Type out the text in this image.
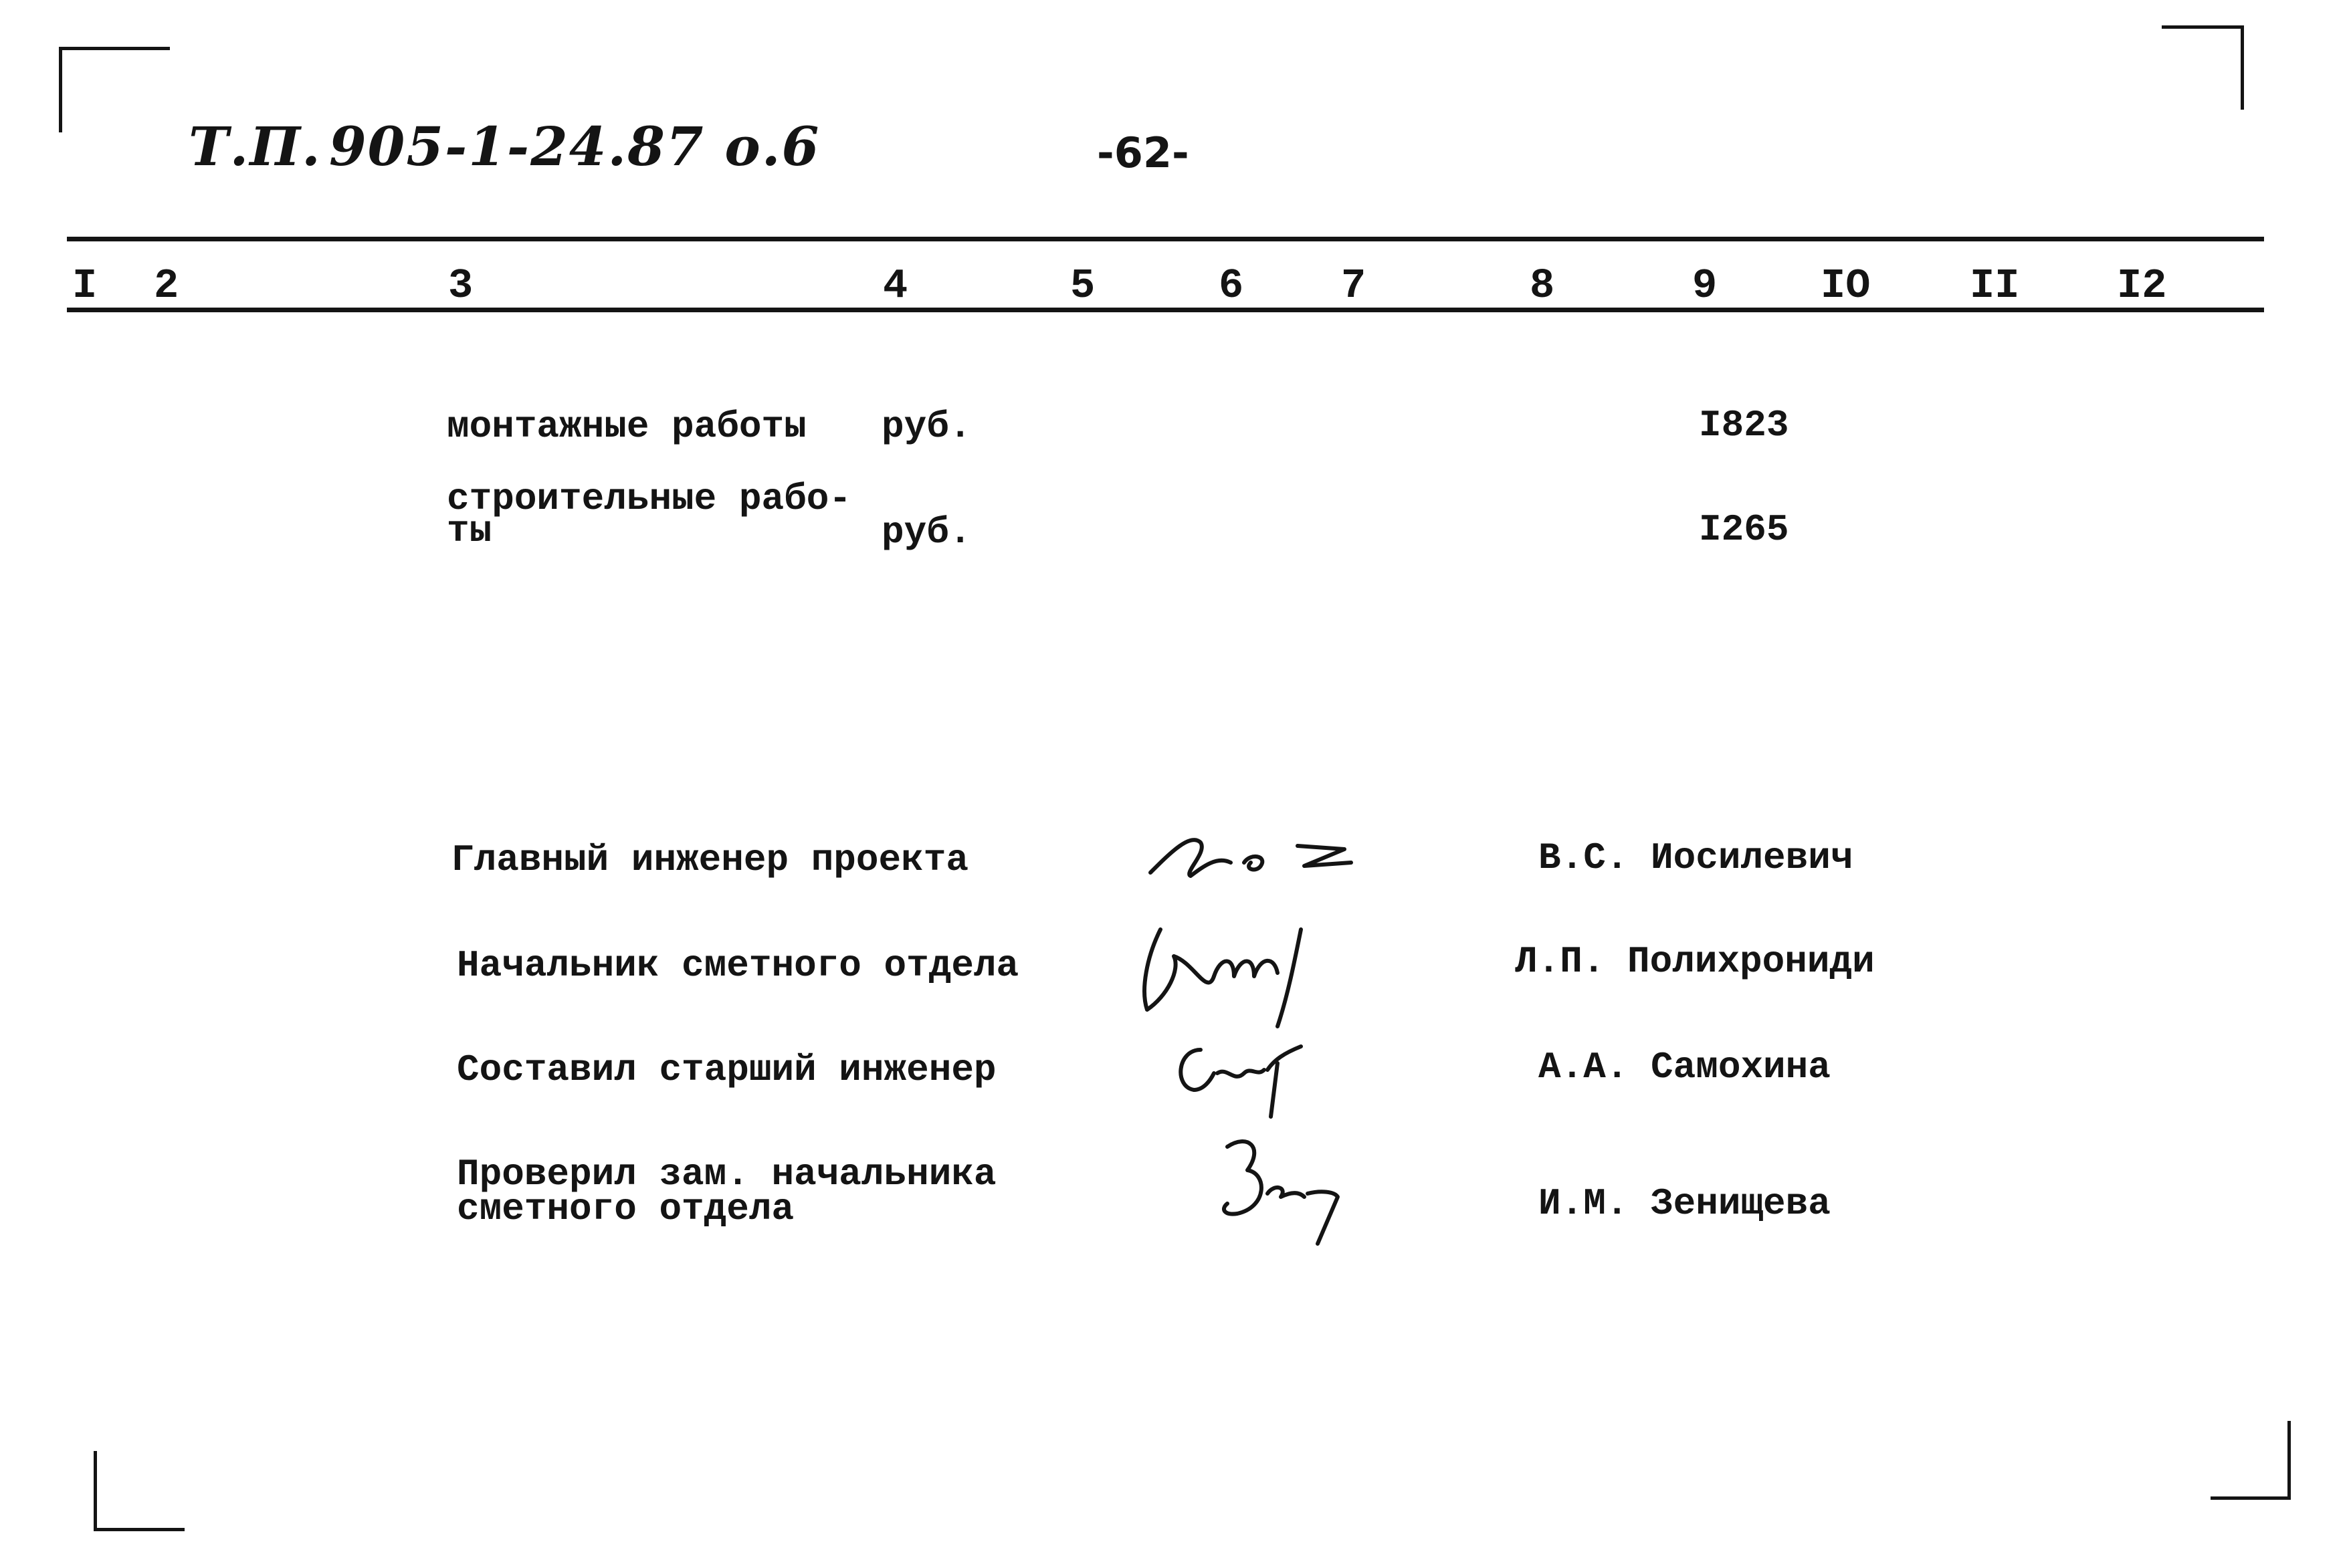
Т.П. 905-1-24.87 о.6	-62-
I 2	3	4	5	6 7	8	9 IO II I2
монтажные работы руб.	I823
строительные рабо-
ты	руб.	I265
Главный инженер проекта	В.С. Иосилевич
Начальник сметного отдела	Л.П. Полихрониди
Составил старший инженер	А.А. Самохина
Проверил зам. начальника
сметного отдела	И.М. Зенищева
